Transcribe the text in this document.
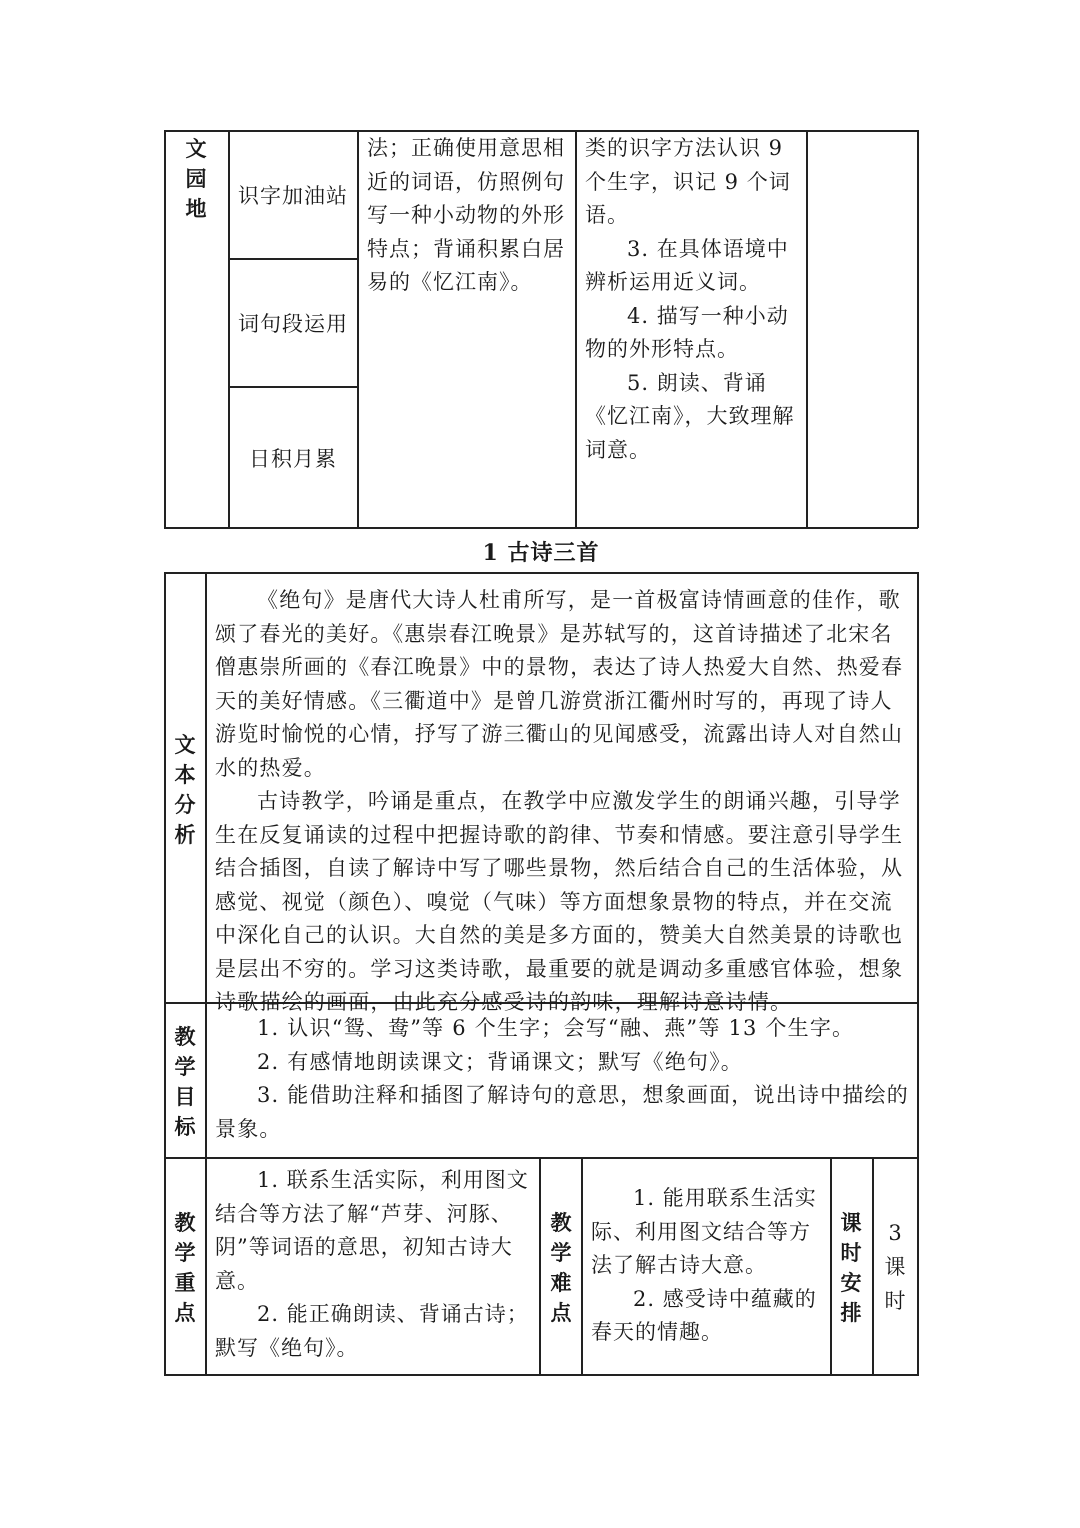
文
园
地	识字加油站
词句段运用
日积月累
法；正确使用意思相近的词语，仿照例句写一种小动物的外形特点；背诵积累白居易的《忆江南》。

类的识字方法认识 9 个生字，识记 9 个词语。

3. 在具体语境中辨析运用近义词。

4. 描写一种小动物的外形特点。

5. 朗读、背诵《忆江南》，大致理解词意。

1 古诗三首
文
本
分
析

《绝句》是唐代大诗人杜甫所写，是一首极富诗情画意的佳作，歌颂了春光的美好。《惠崇春江晚景》是苏轼写的，这首诗描述了北宋名僧惠崇所画的《春江晚景》中的景物，表达了诗人热爱大自然、热爱春天的美好情感。《三衢道中》是曾几游赏浙江衢州时写的，再现了诗人游览时愉悦的心情，抒写了游三衢山的见闻感受，流露出诗人对自然山水的热爱。

古诗教学，吟诵是重点，在教学中应激发学生的朗诵兴趣，引导学生在反复诵读的过程中把握诗歌的韵律、节奏和情感。要注意引导学生结合插图，自读了解诗中写了哪些景物，然后结合自己的生活体验，从感觉、视觉（颜色）、嗅觉（气味）等方面想象景物的特点，并在交流中深化自己的认识。大自然的美是多方面的，赞美大自然美景的诗歌也是层出不穷的。学习这类诗歌，最重要的就是调动多重感官体验，想象诗歌描绘的画面，由此充分感受诗的韵味，理解诗意诗情。

教
学
目
标

1. 认识“鸳、鸯”等 6 个生字；会写“融、燕”等 13 个生字。

2. 有感情地朗读课文；背诵课文；默写《绝句》。

3. 能借助注释和插图了解诗句的意思，想象画面，说出诗中描绘的景象。

教
学
重
点

1. 联系生活实际，利用图文结合等方法了解“芦芽、河豚、阴”等词语的意思，初知古诗大意。

2. 能正确朗读、背诵古诗；默写《绝句》。

教
学
难
点

1. 能用联系生活实际、利用图文结合等方法了解古诗大意。

2. 感受诗中蕴藏的春天的情趣。

课
时
安
排
3
课
时
